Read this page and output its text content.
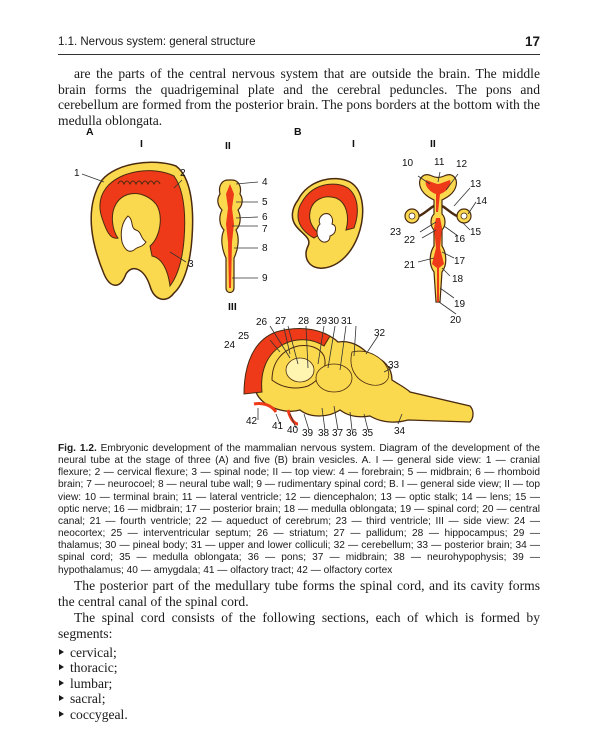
1.1. Nervous system: general structure	17

are the parts of the central nervous system that are outside the brain. The middle brain forms the quadrigeminal plate and the cerebral peduncles. The pons and cerebellum are formed from the posterior brain. The pons borders at the bottom with the medulla oblongata.

A
I	II
B
I	II
III
1	2
3
4
5
6
7
8
9
10 11 12
13
14
15
16
17
18
19
20
21
22
23
24
25
26 27 28 29 30 31
32
33
34
35
36
37
38
39
40
41
42

Fig. 1.2. Embryonic development of the mammalian nervous system. Diagram of the development of the neural tube at the stage of three (A) and five (B) brain vesicles. A. I — general side view: 1 — cranial flexure; 2 — cervical flexure; 3 — spinal node; II — top view: 4 — forebrain; 5 — midbrain; 6 — rhomboid brain; 7 — neurocoel; 8 — neural tube wall; 9 — rudimentary spinal cord; B. I — general side view; II — top view: 10 — terminal brain; 11 — lateral ventricle; 12 — diencephalon; 13 — optic stalk; 14 — lens; 15 — optic nerve; 16 — midbrain; 17 — posterior brain; 18 — medulla oblongata; 19 — spinal cord; 20 — central canal; 21 — fourth ventricle; 22 — aqueduct of cerebrum; 23 — third ventricle; III — side view: 24 — neocortex; 25 — interventricular septum; 26 — striatum; 27 — pallidum; 28 — hippocampus; 29 — thalamus; 30 — pineal body; 31 — upper and lower colliculi; 32 — cerebellum; 33 — posterior brain; 34 — spinal cord; 35 — medulla oblongata; 36 — pons; 37 — midbrain; 38 — neurohypophysis; 39 — hypothalamus; 40 — amygdala; 41 — olfactory tract; 42 — olfactory cortex

The posterior part of the medullary tube forms the spinal cord, and its cavity forms the central canal of the spinal cord.

The spinal cord consists of the following sections, each of which is formed by segments:

cervical;
thoracic;
lumbar;
sacral;
coccygeal.
